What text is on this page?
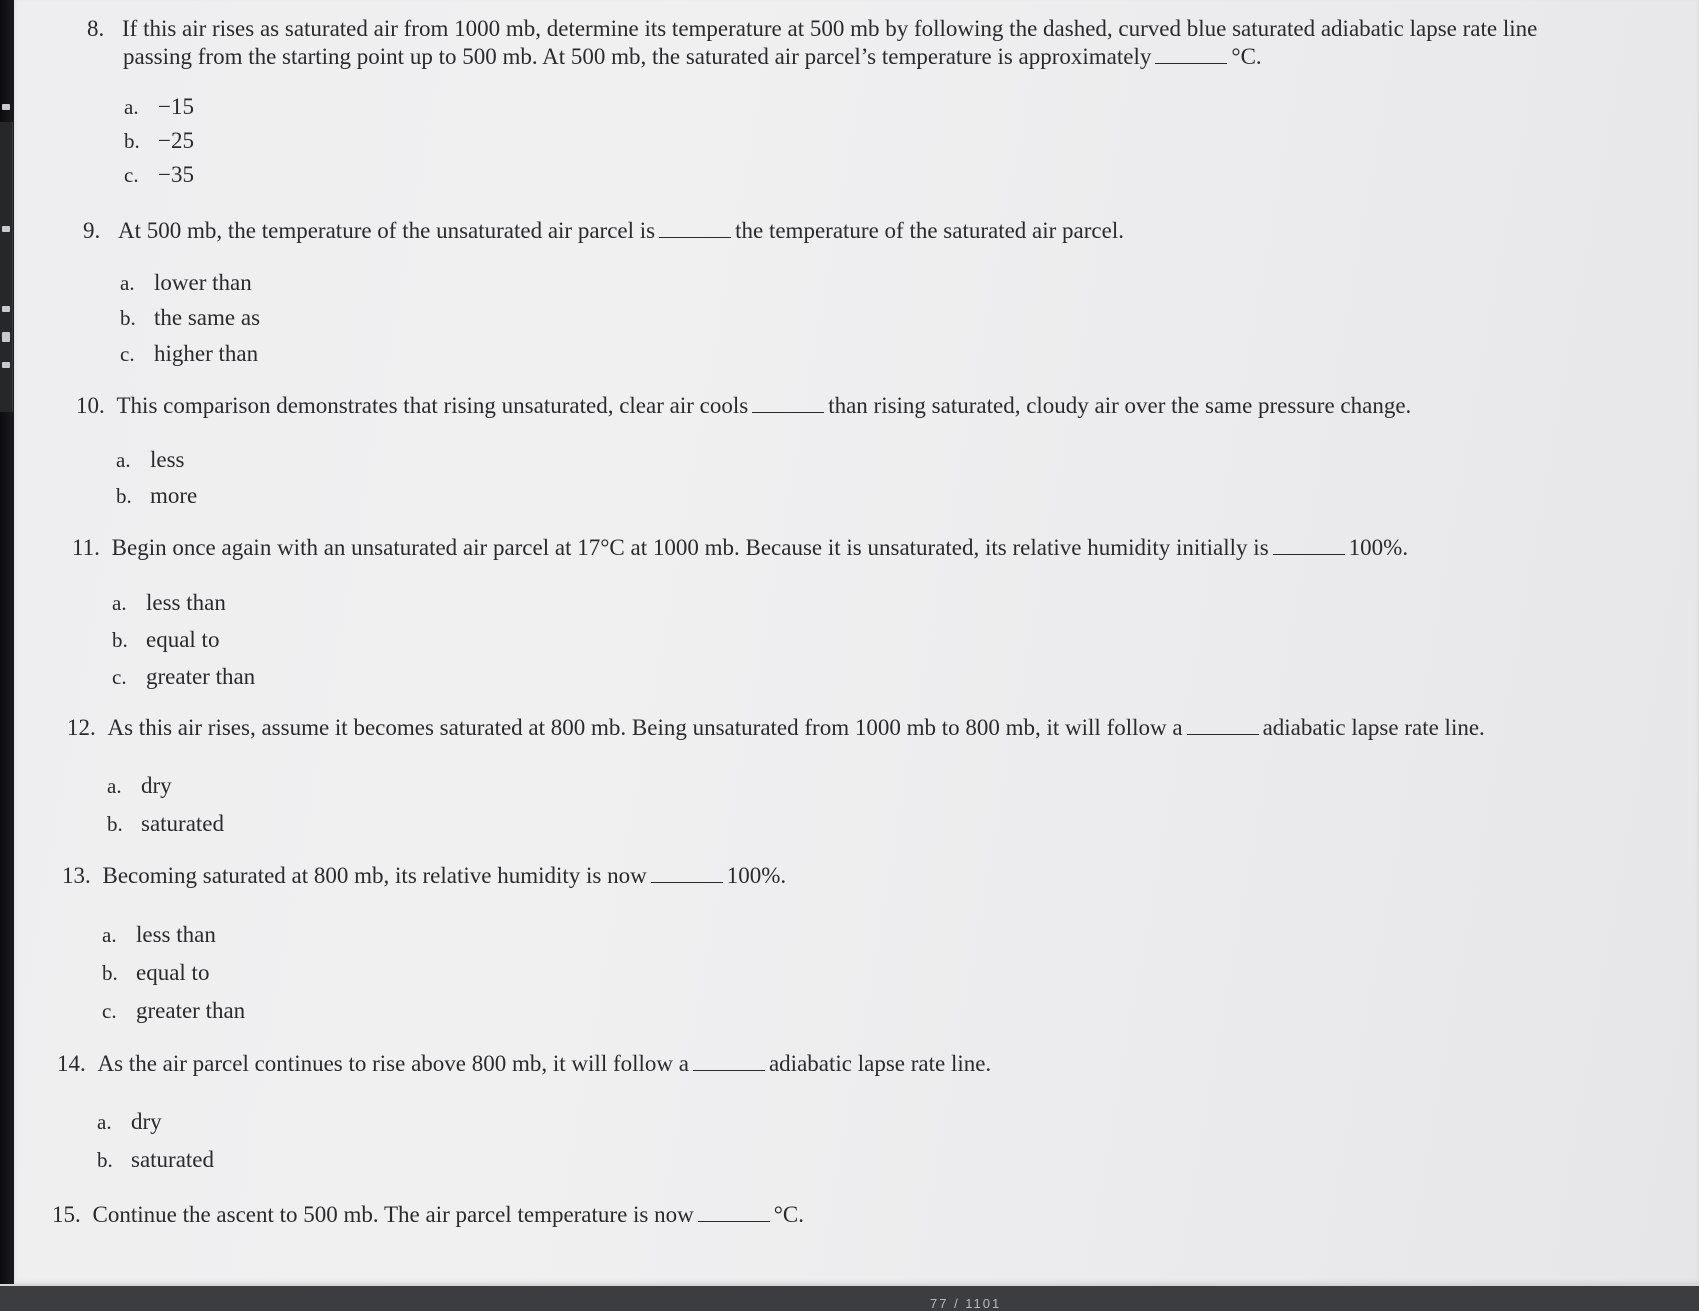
8. If this air rises as saturated air from 1000 mb, determine its temperature at 500 mb by following the dashed, curved blue saturated adiabatic lapse rate line
passing from the starting point up to 500 mb. At 500 mb, the saturated air parcel’s temperature is approximately	°C.
a. −15
b. −25
c. −35
9. At 500 mb, the temperature of the unsaturated air parcel is	the temperature of the saturated air parcel.
a. lower than
b. the same as
c. higher than
10. This comparison demonstrates that rising unsaturated, clear air cools	than rising saturated, cloudy air over the same pressure change.
a. less
b. more
11. Begin once again with an unsaturated air parcel at 17°C at 1000 mb. Because it is unsaturated, its relative humidity initially is	100%.
a. less than
b. equal to
c. greater than
12. As this air rises, assume it becomes saturated at 800 mb. Being unsaturated from 1000 mb to 800 mb, it will follow a	adiabatic lapse rate line.
a. dry
b. saturated
13. Becoming saturated at 800 mb, its relative humidity is now	100%.
a. less than
b. equal to
c. greater than
14. As the air parcel continues to rise above 800 mb, it will follow a	adiabatic lapse rate line.
a. dry
b. saturated
15. Continue the ascent to 500 mb. The air parcel temperature is now	°C.
77 / 1101
